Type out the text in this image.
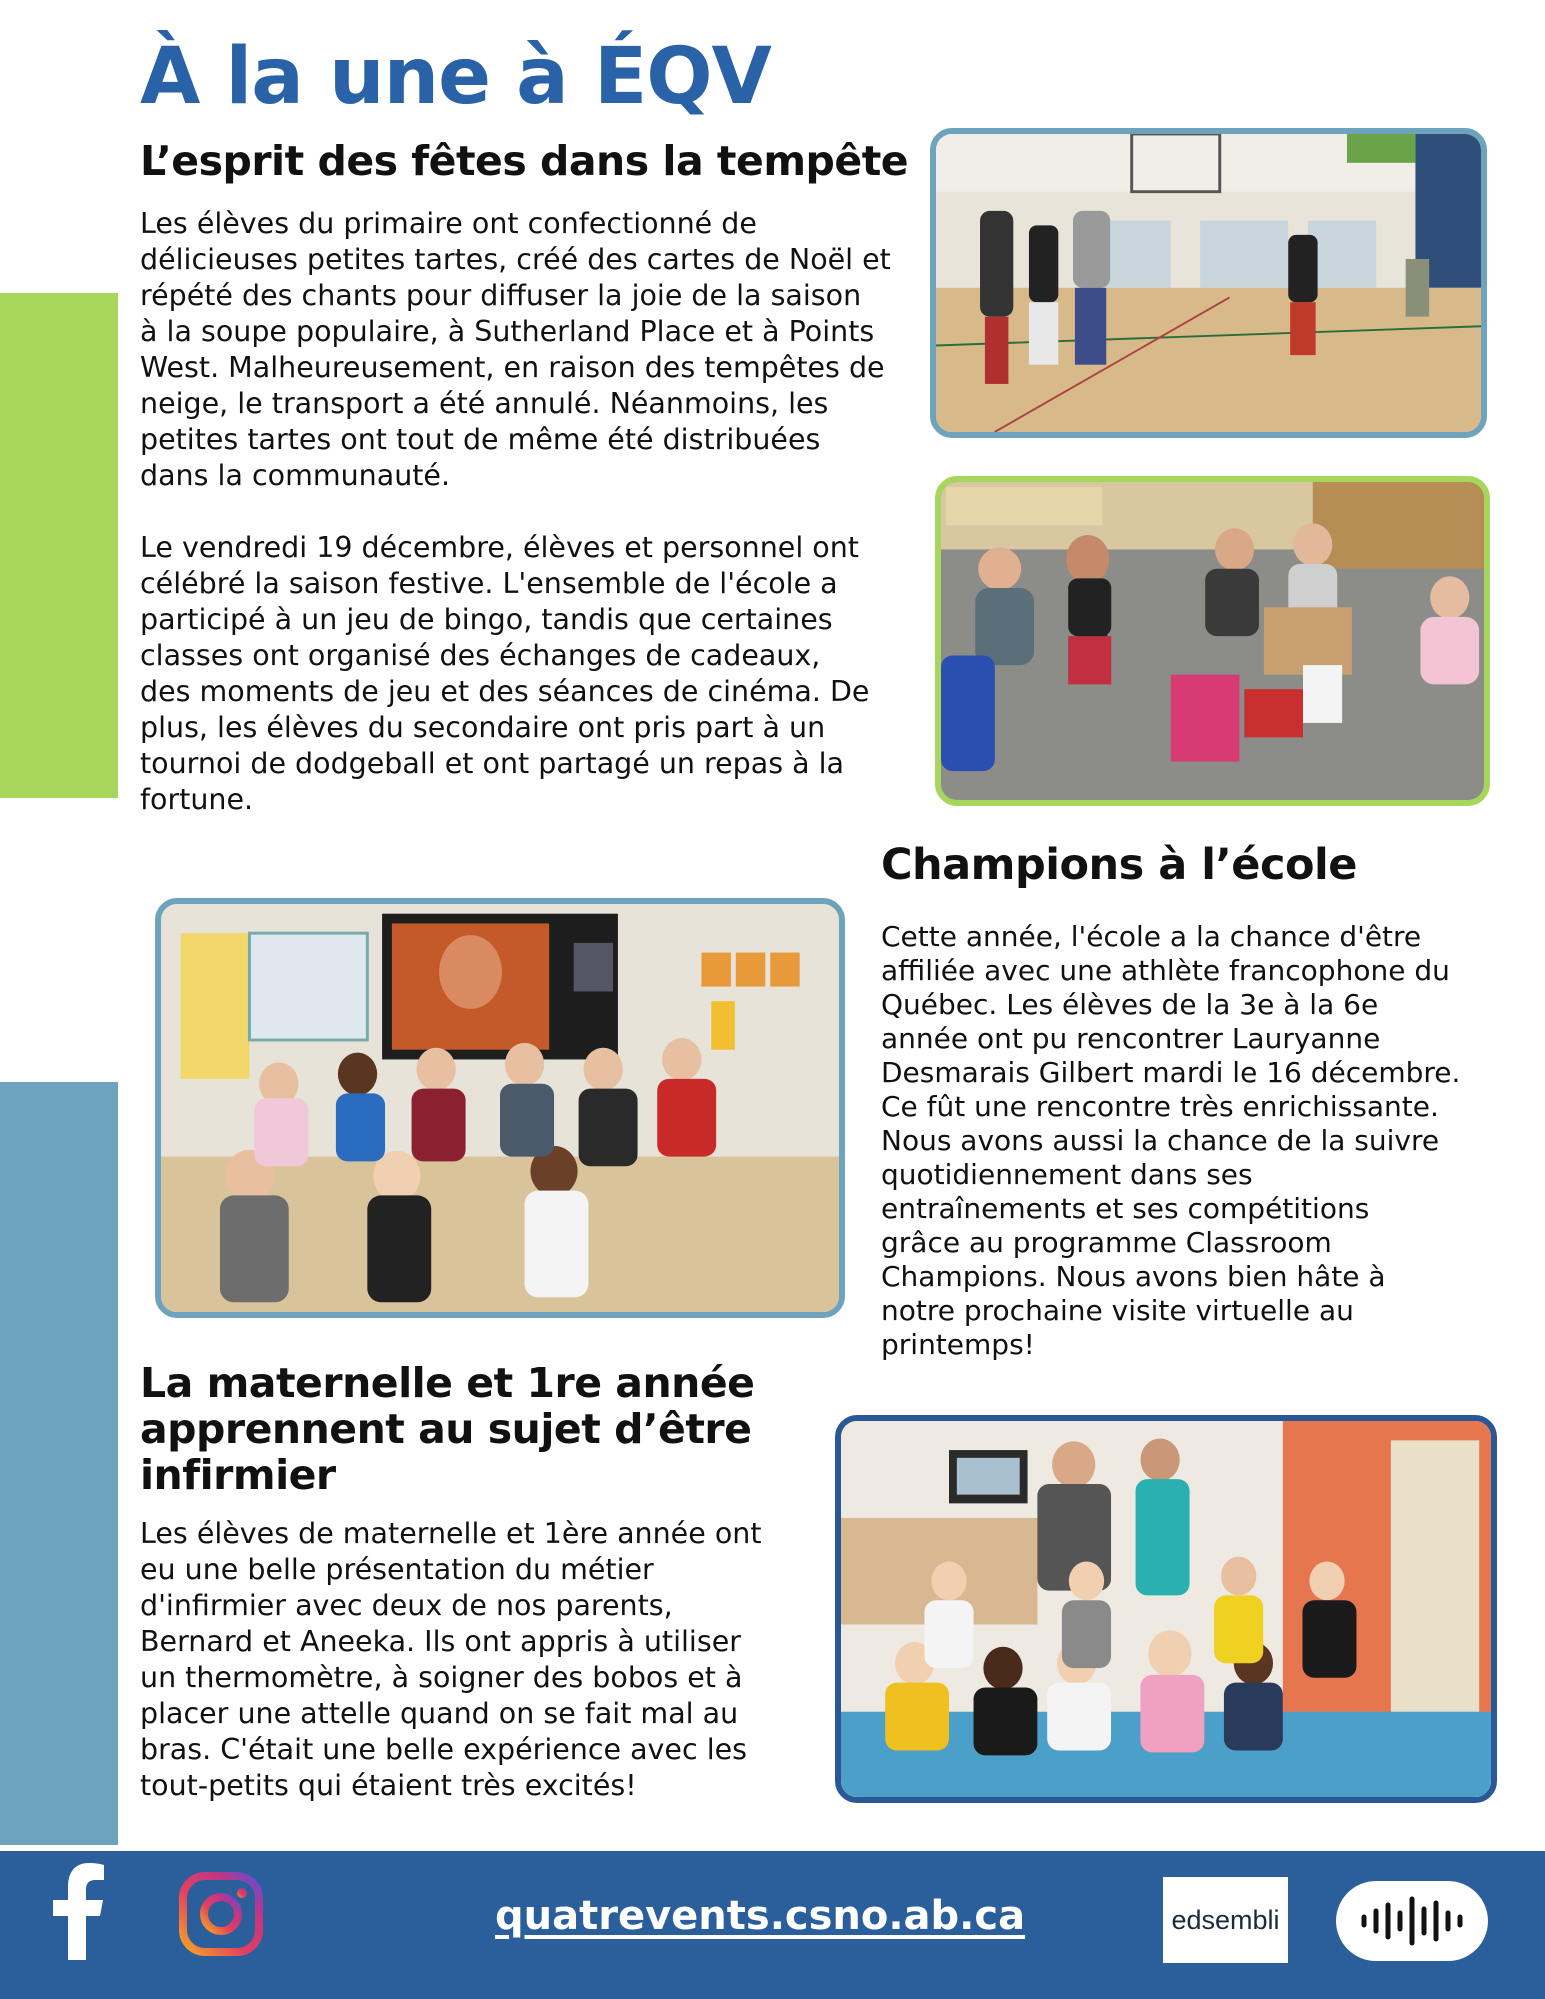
À la une à ÉQV
L’esprit des fêtes dans la tempête
Les élèves du primaire ont confectionné de
délicieuses petites tartes, créé des cartes de Noël et
répété des chants pour diffuser la joie de la saison
à la soupe populaire, à Sutherland Place et à Points
West. Malheureusement, en raison des tempêtes de
neige, le transport a été annulé. Néanmoins, les
petites tartes ont tout de même été distribuées
dans la communauté.
Le vendredi 19 décembre, élèves et personnel ont
célébré la saison festive. L'ensemble de l'école a
participé à un jeu de bingo, tandis que certaines
classes ont organisé des échanges de cadeaux,
des moments de jeu et des séances de cinéma. De
plus, les élèves du secondaire ont pris part à un
tournoi de dodgeball et ont partagé un repas à la
fortune.
Champions à l’école
Cette année, l'école a la chance d'être
affiliée avec une athlète francophone du
Québec. Les élèves de la 3e à la 6e
année ont pu rencontrer Lauryanne
Desmarais Gilbert mardi le 16 décembre.
Ce fût une rencontre très enrichissante.
Nous avons aussi la chance de la suivre
quotidiennement dans ses
entraînements et ses compétitions
grâce au programme Classroom
Champions. Nous avons bien hâte à
notre prochaine visite virtuelle au
printemps!
La maternelle et 1re année
apprennent au sujet d’être
infirmier
Les élèves de maternelle et 1ère année ont
eu une belle présentation du métier
d'infirmier avec deux de nos parents,
Bernard et Aneeka. Ils ont appris à utiliser
un thermomètre, à soigner des bobos et à
placer une attelle quand on se fait mal au
bras. C'était une belle expérience avec les
tout-petits qui étaient très excités!
quatrevents.csno.ab.ca	edsembli
